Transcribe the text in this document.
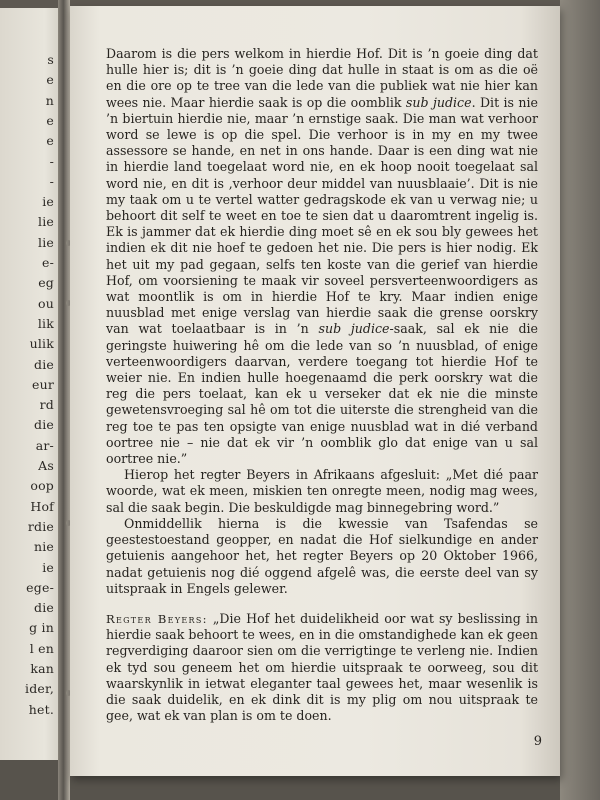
s
e
n
e
e
-
-
ie
lie
lie
e-
eg
ou
lik
ulik
die
eur
rd
die
ar-
As
oop
Hof
rdie
nie
ie
ege-
die
g in
l en
kan
ider,
het.

Daarom is die pers welkom in hierdie Hof. Dit is ’n goeie ding dat hulle hier is; dit is ’n goeie ding dat hulle in staat is om as die oë en die ore op te tree van die lede van die publiek wat nie hier kan wees nie. Maar hierdie saak is op die oomblik sub judice. Dit is nie ’n biertuin hierdie nie, maar ’n ernstige saak. Die man wat verhoor word se lewe is op die spel. Die verhoor is in my en my twee assessore se hande, en net in ons hande. Daar is een ding wat nie in hierdie land toegelaat word nie, en ek hoop nooit toegelaat sal word nie, en dit is ‚verhoor deur middel van nuusblaaie’. Dit is nie my taak om u te vertel watter gedragskode ek van u verwag nie; u behoort dit self te weet en toe te sien dat u daaromtrent ingelig is. Ek is jammer dat ek hierdie ding moet sê en ek sou bly gewees het indien ek dit nie hoef te gedoen het nie. Die pers is hier nodig. Ek het uit my pad gegaan, selfs ten koste van die gerief van hierdie Hof, om voorsiening te maak vir soveel persverteenwoordigers as wat moontlik is om in hierdie Hof te kry. Maar indien enige nuusblad met enige verslag van hierdie saak die grense oorskry van wat toelaatbaar is in ’n sub judice-saak, sal ek nie die geringste huiwering hê om die lede van so ’n nuusblad, of enige verteenwoordigers daarvan, verdere toegang tot hierdie Hof te weier nie. En indien hulle hoegenaamd die perk oorskry wat die reg die pers toelaat, kan ek u verseker dat ek nie die minste gewetensvroeging sal hê om tot die uiterste die strengheid van die reg toe te pas ten opsigte van enige nuusblad wat in dié verband oortree nie – nie dat ek vir ’n oomblik glo dat enige van u sal oortree nie.”

Hierop het regter Beyers in Afrikaans afgesluit: „Met dié paar woorde, wat ek meen, miskien ten onregte meen, nodig mag wees, sal die saak begin. Die beskuldigde mag binnegebring word.”

Onmiddellik hierna is die kwessie van Tsafendas se geestestoestand geopper, en nadat die Hof sielkundige en ander getuienis aangehoor het, het regter Beyers op 20 Oktober 1966, nadat getuienis nog dié oggend afgelê was, die eerste deel van sy uitspraak in Engels gelewer.

Regter Beyers: „Die Hof het duidelikheid oor wat sy beslissing in hierdie saak behoort te wees, en in die omstandighede kan ek geen regverdiging daaroor sien om die verrigtinge te verleng nie. Indien ek tyd sou geneem het om hierdie uitspraak te oorweeg, sou dit waarskynlik in ietwat eleganter taal gewees het, maar wesenlik is die saak duidelik, en ek dink dit is my plig om nou uitspraak te gee, wat ek van plan is om te doen.

9
